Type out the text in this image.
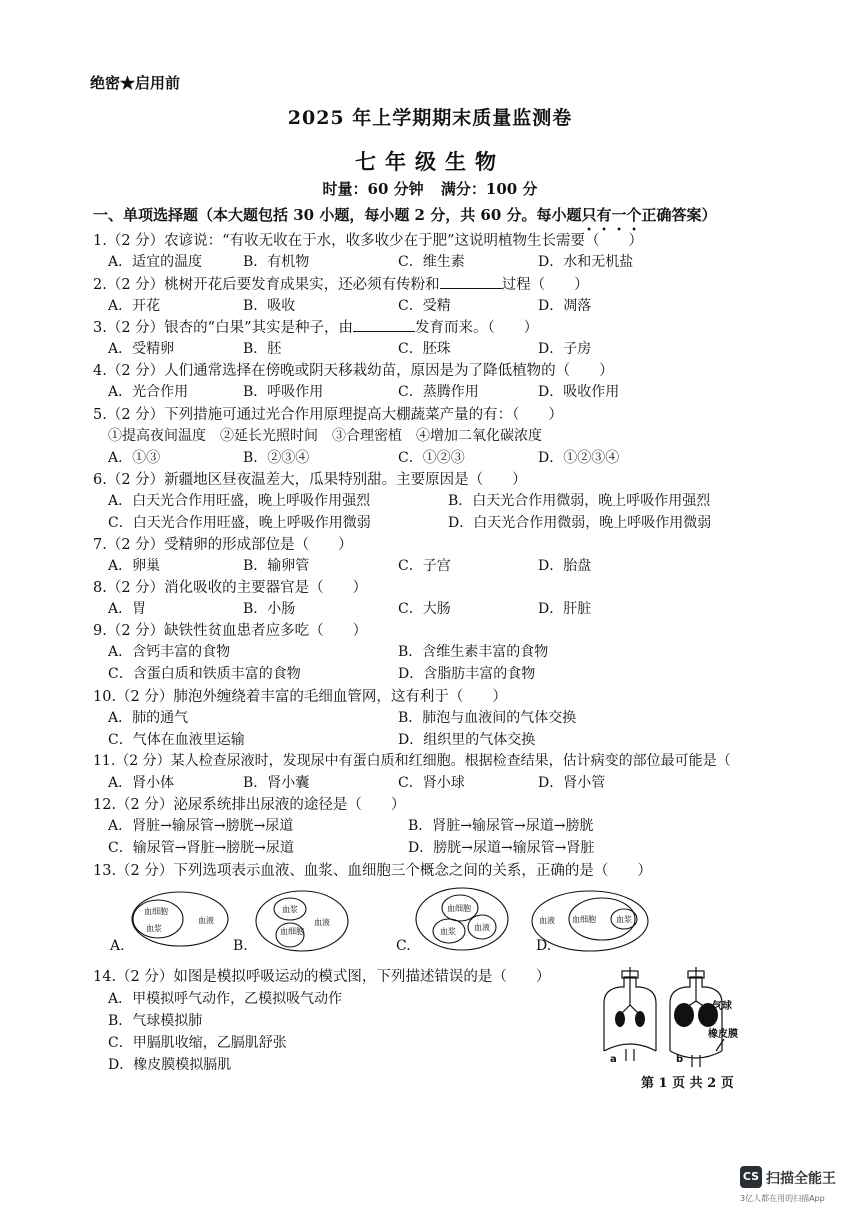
绝密★启用前
2025 年上学期期末质量监测卷
七年级生物
时量：60 分钟 满分：100 分
一、单项选择题（本大题包括 30 小题，每小题 2 分，共 60 分。每小题只有一个正确答案）
1.（2 分）农谚说：“有收无收在于水，收多收少在于肥”这说明植物生长需要（　　）
A．适宜的温度	B．有机物	C．维生素	D．水和无机盐
2.（2 分）桃树开花后要发育成果实，还必须有传粉和	过程（　　）
A．开花	B．吸收	C．受精	D．凋落
3.（2 分）银杏的“白果”其实是种子，由	发育而来。（　　）
A．受精卵	B．胚	C．胚珠	D．子房
4.（2 分）人们通常选择在傍晚或阴天移栽幼苗，原因是为了降低植物的（　　）
A．光合作用	B．呼吸作用	C．蒸腾作用	D．吸收作用
5.（2 分）下列措施可通过光合作用原理提高大棚蔬菜产量的有：（　　）
①提高夜间温度　②延长光照时间　③合理密植　④增加二氧化碳浓度
A．①③	B．②③④	C．①②③	D．①②③④
6.（2 分）新疆地区昼夜温差大，瓜果特别甜。主要原因是（　　）
A．白天光合作用旺盛，晚上呼吸作用强烈	B．白天光合作用微弱，晚上呼吸作用强烈
C．白天光合作用旺盛，晚上呼吸作用微弱	D．白天光合作用微弱，晚上呼吸作用微弱
7.（2 分）受精卵的形成部位是（　　）
A．卵巢	B．输卵管	C．子宫	D．胎盘
8.（2 分）消化吸收的主要器官是（　　）
A．胃	B．小肠	C．大肠	D．肝脏
9.（2 分）缺铁性贫血患者应多吃（　　）
A．含钙丰富的食物	B．含维生素丰富的食物
C．含蛋白质和铁质丰富的食物	D．含脂肪丰富的食物
10.（2 分）肺泡外缠绕着丰富的毛细血管网，这有利于（　　）
A．肺的通气	B．肺泡与血液间的气体交换
C．气体在血液里运输	D．组织里的气体交换
11.（2 分）某人检查尿液时，发现尿中有蛋白质和红细胞。根据检查结果，估计病变的部位最可能是（
A．肾小体	B．肾小囊	C．肾小球	D．肾小管
12.（2 分）泌尿系统排出尿液的途径是（　　）
A．肾脏→输尿管→膀胱→尿道	B．肾脏→输尿管→尿道→膀胱
C．输尿管→肾脏→膀胱→尿道	D．膀胱→尿道→输尿管→肾脏
13.（2 分）下列选项表示血液、血浆、血细胞三个概念之间的关系，正确的是（　　）
血细胞
血浆
血液
血浆
血细胞
血液
血细胞
血浆 血液
血液 血细胞	血浆
A.	B.	C.	D.
14.（2 分）如图是模拟呼吸运动的模式图，下列描述错误的是（　　）
A．甲模拟呼气动作，乙模拟吸气动作
B．气球模拟肺
C．甲膈肌收缩，乙膈肌舒张
D．橡皮膜模拟膈肌
气球
橡皮膜
a	b
第 1 页 共 2 页
CS 扫描全能王
3亿人都在用的扫描App
